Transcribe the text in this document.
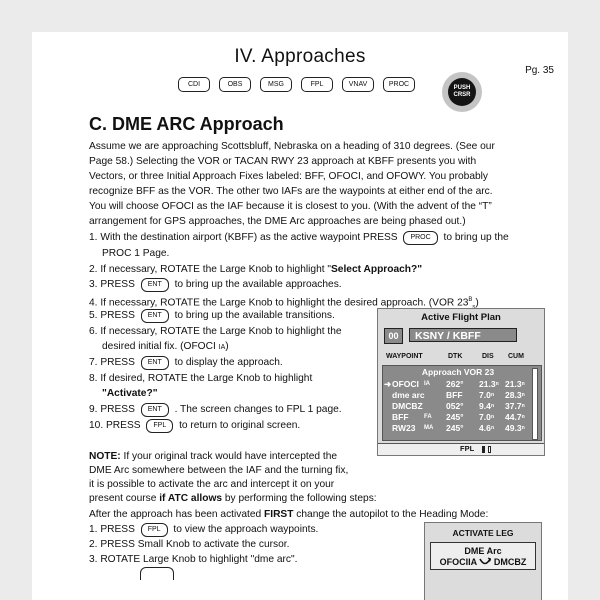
IV. Approaches
Pg. 35
CDI	OBS	MSG	FPL	VNAV	PROC	PUSH
CRSR
C. DME ARC Approach
Assume we are approaching Scottsbluff, Nebraska on a heading of 310 degrees. (See our
Page 58.) Selecting the VOR or TACAN RWY 23 approach at KBFF presents you with
Vectors, or three Initial Approach Fixes labeled: BFF, OFOCI, and OFOWY. You probably
recognize BFF as the VOR. The other two IAFs are the waypoints at either end of the arc.
You will choose OFOCI as the IAF because it is closest to you. (With the advent of the “T”
arrangement for GPS approaches, the DME Arc approaches are being phased out.)
1. With the destination airport (KBFF) as the active waypoint PRESS PROC to bring up the
PROC 1 Page.
2. If necessary, ROTATE the Large Knob to highlight "Select Approach?"
3. PRESS ENT to bring up the available approaches.
4. If necessary, ROTATE the Large Knob to highlight the desired approach. (VOR $23^B$ )
5. PRESS ENT to bring up the available transitions.
6. If necessary, ROTATE the Large Knob to highlight the
desired initial fix. (OFOCI IA)
7. PRESS ENT to display the approach.
8. If desired, ROTATE the Large Knob to highlight
"Activate?"
9. PRESS ENT . The screen changes to FPL 1 page.
10. PRESS FPL to return to original screen.
NOTE: If your original track would have intercepted the
DME Arc somewhere between the IAF and the turning fix,
it is possible to activate the arc and intercept it on your
present course if ATC allows by performing the following steps:
After the approach has been activated FIRST change the autopilot to the Heading Mode:
1. PRESS FPL to view the approach waypoints.
2. PRESS Small Knob to activate the cursor.
3. ROTATE Large Knob to highlight "dme arc".
Active Flight Plan
00	KSNY / KBFF
WAYPOINT	DTK	DIS CUM
Approach VOR 23
➜ OFOCI IA 262° 21.3ⁿ 21.3ⁿ
dme arc	BFF 7.0ⁿ 28.3ⁿ
DMCBZ	052° 9.4ⁿ 37.7ⁿ
BFF	FA 245° 7.0ⁿ 44.7ⁿ
RW23 MA 245° 4.6ⁿ 49.3ⁿ
FPL
ACTIVATE LEG
DME Arc
OFOCIIA DMCBZ
